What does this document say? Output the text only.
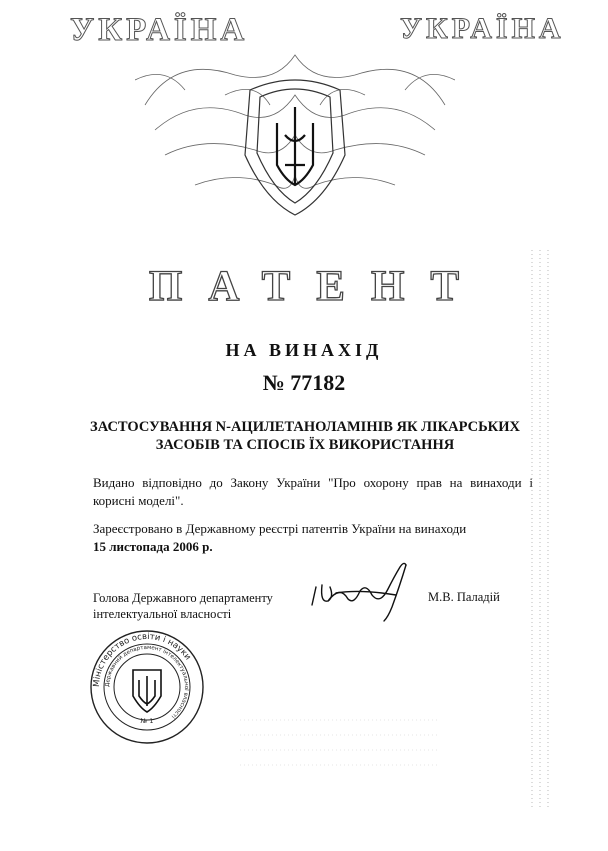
УКРАЇНА	УКРАЇНА
ПАТЕНТ
НА ВИНАХІД
№ 77182
ЗАСТОСУВАННЯ N-АЦИЛЕТАНОЛАМІНІВ ЯК ЛІКАРСЬКИХ ЗАСОБІВ ТА СПОСІБ ЇХ ВИКОРИСТАННЯ
Видано відповідно до Закону України "Про охорону прав на винаходи і корисні моделі".
Зареєстровано в Державному реєстрі патентів України на винаходи
15 листопада 2006 р.
Голова Державного департаменту інтелектуальної власності
М.В. Паладій
Міністерство освіти і науки
Державний департамент інтелектуальної власності
№ 1
